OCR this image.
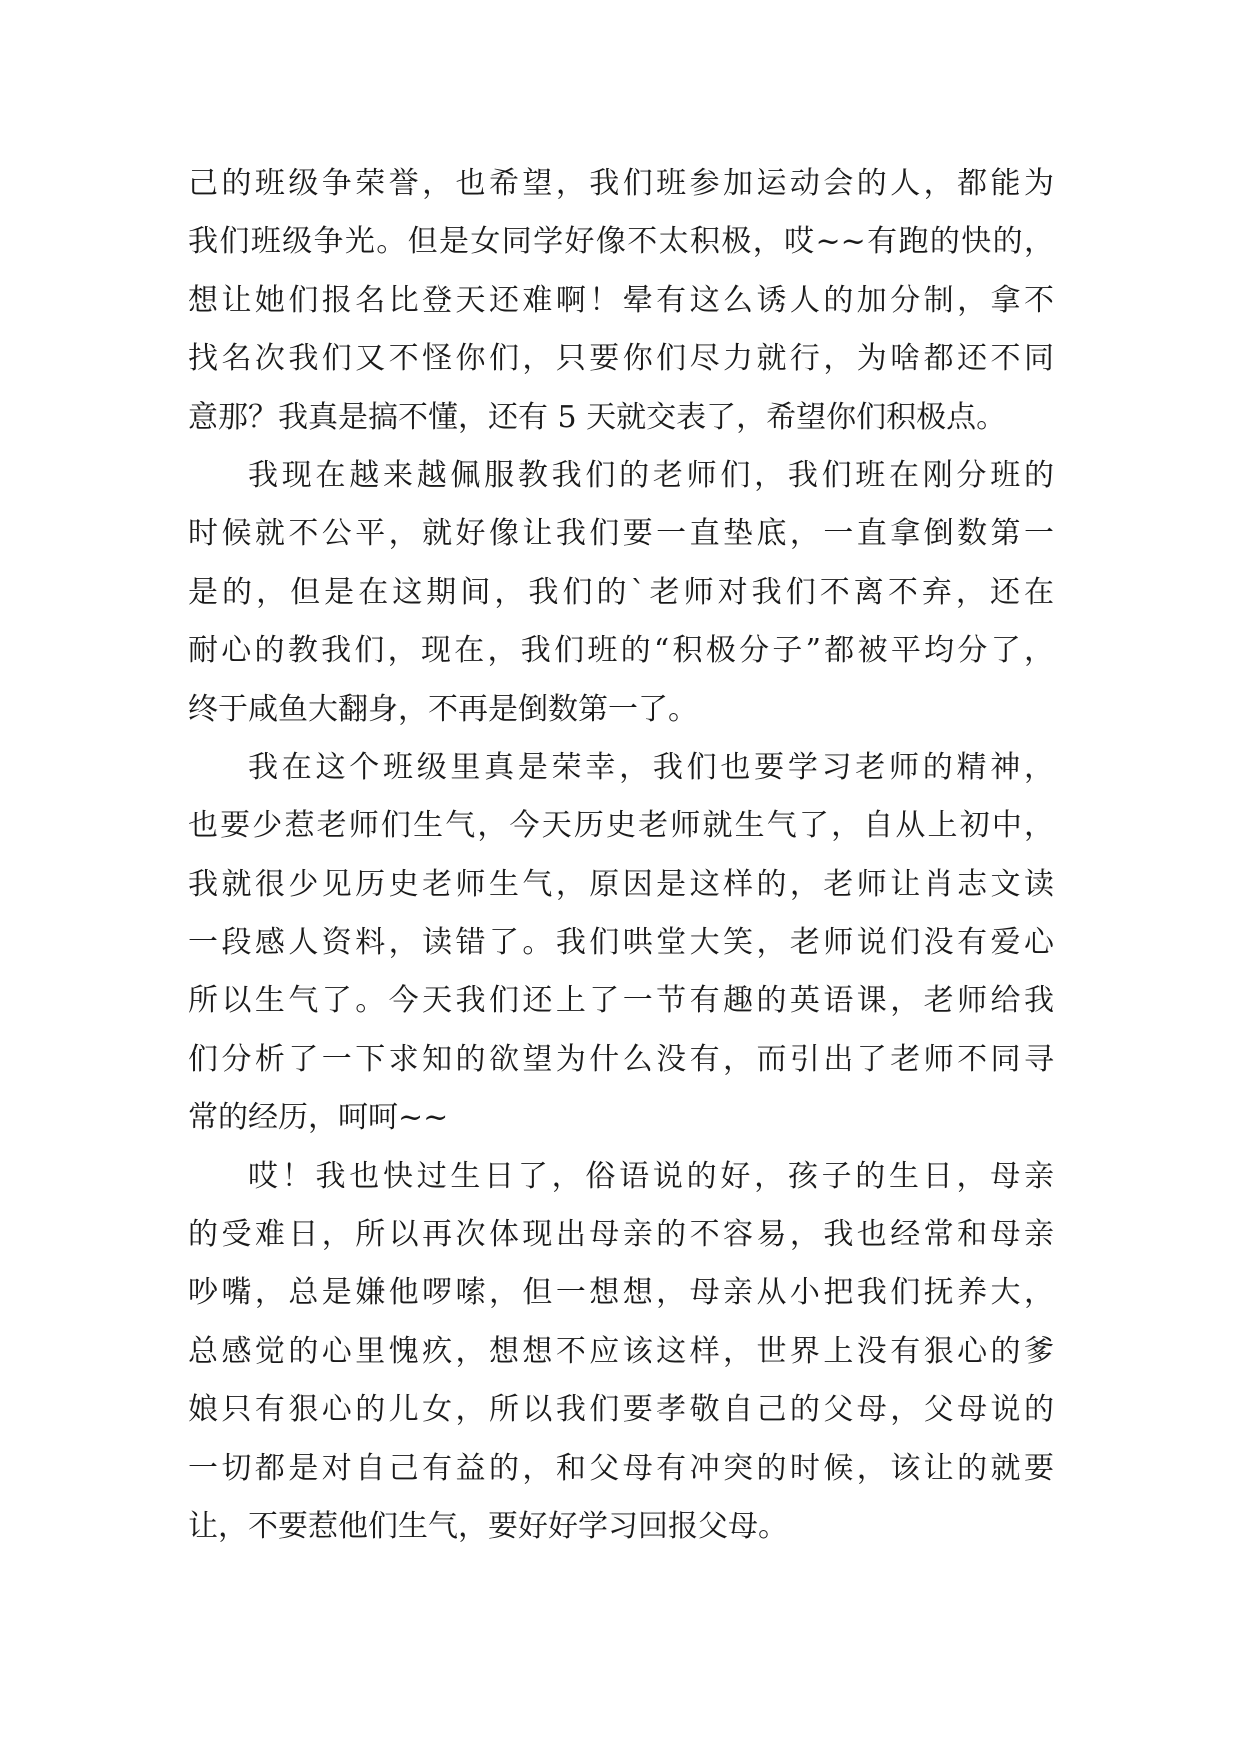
己的班级争荣誉，也希望，我们班参加运动会的人，都能为
我们班级争光。但是女同学好像不太积极，哎~~有跑的快的，
想让她们报名比登天还难啊！晕有这么诱人的加分制，拿不
找名次我们又不怪你们，只要你们尽力就行，为啥都还不同
意那？我真是搞不懂，还有 5 天就交表了，希望你们积极点。
我现在越来越佩服教我们的老师们，我们班在刚分班的
时候就不公平，就好像让我们要一直垫底，一直拿倒数第一
是的，但是在这期间，我们的`老师对我们不离不弃，还在
耐心的教我们，现在，我们班的“积极分子”都被平均分了，
终于咸鱼大翻身，不再是倒数第一了。
我在这个班级里真是荣幸，我们也要学习老师的精神，
也要少惹老师们生气，今天历史老师就生气了，自从上初中，
我就很少见历史老师生气，原因是这样的，老师让肖志文读
一段感人资料，读错了。我们哄堂大笑，老师说们没有爱心
所以生气了。今天我们还上了一节有趣的英语课，老师给我
们分析了一下求知的欲望为什么没有，而引出了老师不同寻
常的经历，呵呵~~
哎！我也快过生日了，俗语说的好，孩子的生日，母亲
的受难日，所以再次体现出母亲的不容易，我也经常和母亲
吵嘴，总是嫌他啰嗦，但一想想，母亲从小把我们抚养大，
总感觉的心里愧疚，想想不应该这样，世界上没有狠心的爹
娘只有狠心的儿女，所以我们要孝敬自己的父母，父母说的
一切都是对自己有益的，和父母有冲突的时候，该让的就要
让，不要惹他们生气，要好好学习回报父母。
